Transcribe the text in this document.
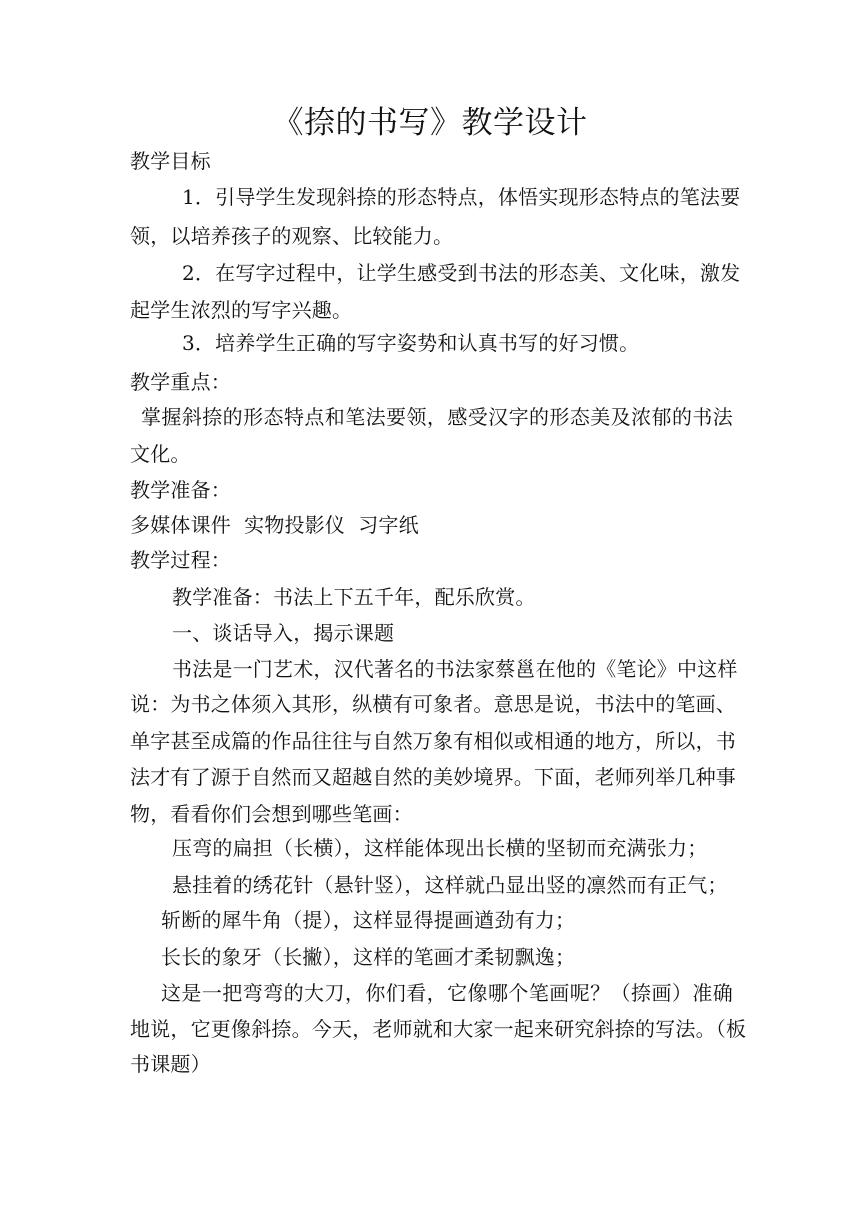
《捺的书写》教学设计
教学目标
1．引导学生发现斜捺的形态特点，体悟实现形态特点的笔法要
领，以培养孩子的观察、比较能力。
2．在写字过程中，让学生感受到书法的形态美、文化味，激发
起学生浓烈的写字兴趣。
3．培养学生正确的写字姿势和认真书写的好习惯。
教学重点：
掌握斜捺的形态特点和笔法要领，感受汉字的形态美及浓郁的书法
文化。
教学准备：
多媒体课件  实物投影仪  习字纸
教学过程：
教学准备：书法上下五千年，配乐欣赏。
一、谈话导入，揭示课题
书法是一门艺术，汉代著名的书法家蔡邕在他的《笔论》中这样
说：为书之体须入其形，纵横有可象者。意思是说，书法中的笔画、
单字甚至成篇的作品往往与自然万象有相似或相通的地方，所以，书
法才有了源于自然而又超越自然的美妙境界。下面，老师列举几种事
物，看看你们会想到哪些笔画：
压弯的扁担（长横），这样能体现出长横的坚韧而充满张力；
悬挂着的绣花针（悬针竖），这样就凸显出竖的凛然而有正气；
斩断的犀牛角（提），这样显得提画遒劲有力；
长长的象牙（长撇），这样的笔画才柔韧飘逸；
这是一把弯弯的大刀，你们看，它像哪个笔画呢？（捺画）准确
地说，它更像斜捺。今天，老师就和大家一起来研究斜捺的写法。（板
书课题）
